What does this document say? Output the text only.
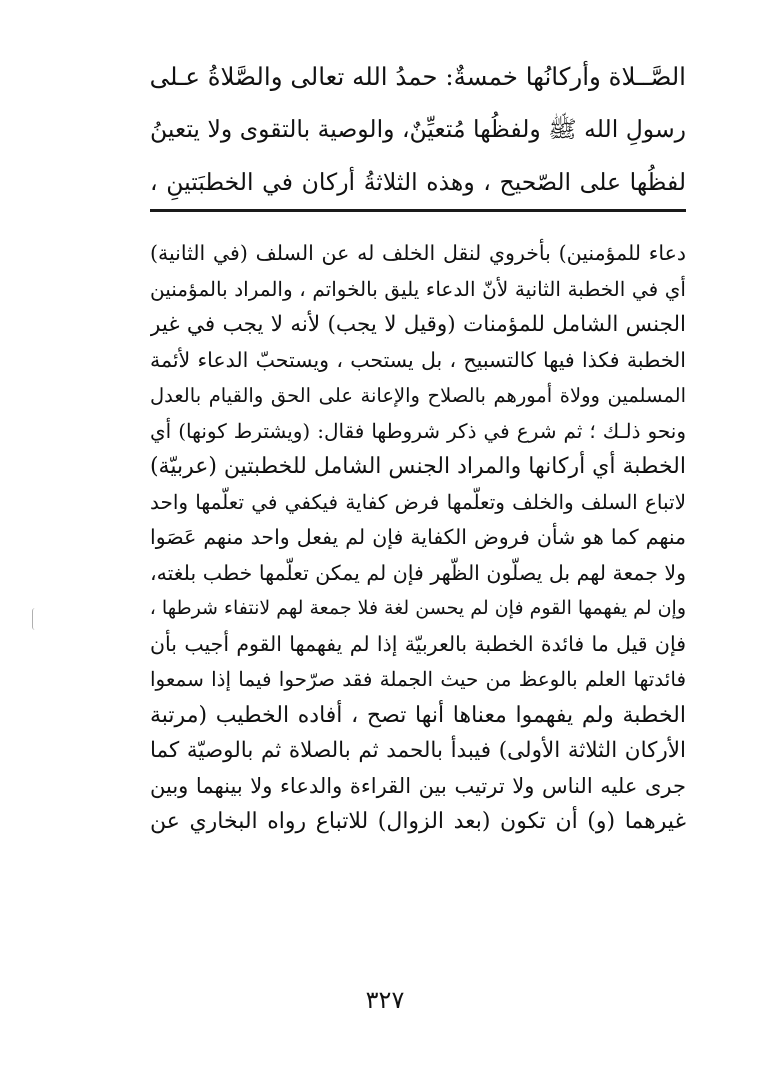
الصَّــلاة وأركانُها خمسةٌ: حمدُ الله تعالى والصَّلاةُ عـلى
رسولِ الله ﷺ ولفظُها مُتعيِّنٌ، والوصية بالتقوى ولا يتعينُ
لفظُها على الصّحيح ، وهذه الثلاثةُ أركان في الخطبَتينِ ،
دعاء للمؤمنين) بأخروي لنقل الخلف له عن السلف (في الثانية)
أي في الخطبة الثانية لأنّ الدعاء يليق بالخواتم ، والمراد بالمؤمنين
الجنس الشامل للمؤمنات (وقيل لا يجب) لأنه لا يجب في غير
الخطبة فكذا فيها كالتسبيح ، بل يستحب ، ويستحبّ الدعاء لأئمة
المسلمين وولاة أمورهم بالصلاح والإعانة على الحق والقيام بالعدل
ونحو ذلـك ؛ ثم شرع في ذكر شروطها فقال: (ويشترط كونها) أي
الخطبة أي أركانها والمراد الجنس الشامل للخطبتين (عربيّة)
لاتباع السلف والخلف وتعلّمها فرض كفاية فيكفي في تعلّمها واحد
منهم كما هو شأن فروض الكفاية فإن لم يفعل واحد منهم عَصَوا
ولا جمعة لهم بل يصلّون الظّهر فإن لم يمكن تعلّمها خطب بلغته،
وإن لم يفهمها القوم فإن لم يحسن لغة فلا جمعة لهم لانتفاء شرطها ،
فإن قيل ما فائدة الخطبة بالعربيّة إذا لم يفهمها القوم أجيب بأن
فائدتها العلم بالوعظ من حيث الجملة فقد صرّحوا فيما إذا سمعوا
الخطبة ولم يفهموا معناها أنها تصح ، أفاده الخطيب (مرتبة
الأركان الثلاثة الأولى) فيبدأ بالحمد ثم بالصلاة ثم بالوصيّة كما
جرى عليه الناس ولا ترتيب بين القراءة والدعاء ولا بينهما وبين
غيرهما (و) أن تكون (بعد الزوال) للاتباع رواه البخاري عن
٣٢٧
